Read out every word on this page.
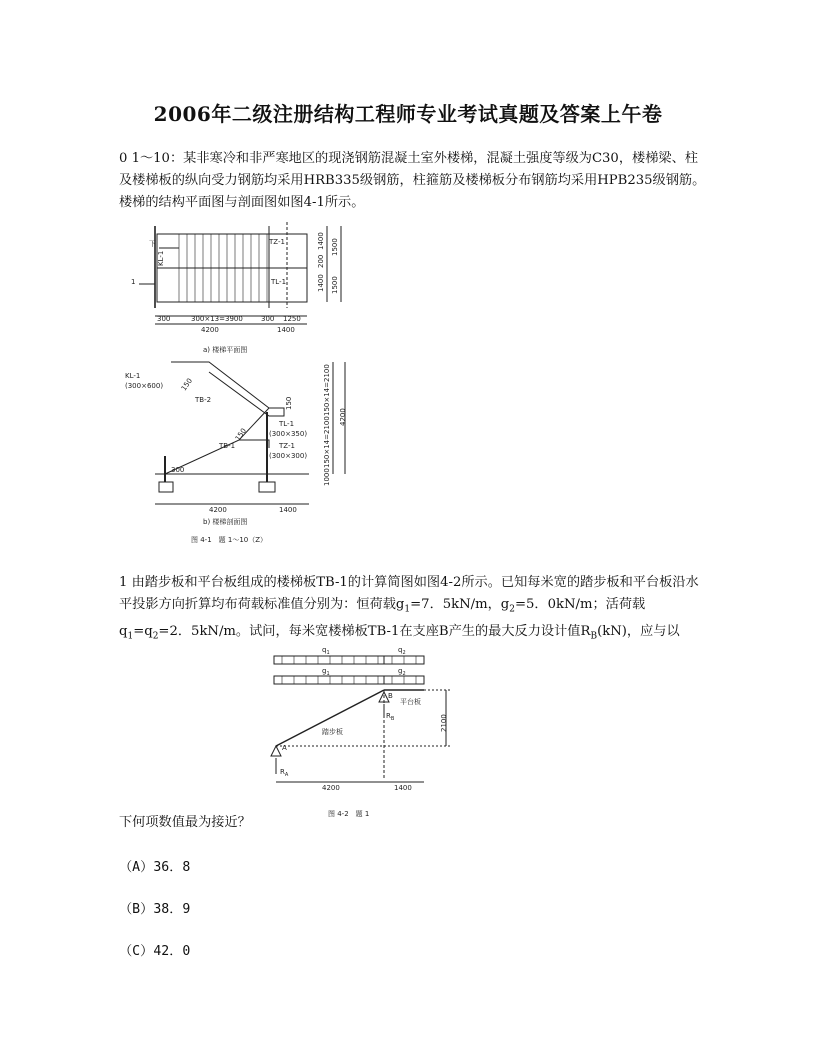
2006年二级注册结构工程师专业考试真题及答案上午卷
0 1～10：某非寒冷和非严寒地区的现浇钢筋混凝土室外楼梯，混凝土强度等级为C30，楼梯梁、柱及楼梯板的纵向受力钢筋均采用HRB335级钢筋，柱箍筋及楼梯板分布钢筋均采用HPB235级钢筋。楼梯的结构平面图与剖面图如图4-1所示。
KL-1
TZ-1
TL-1
1
下
300	300×13=3900	300 1250
4200	1400
1400
200
1400
1500
1500
a) 楼梯平面图
KL-1
(300×600)
TB-2
TB-1
TL-1
(300×350)
TZ-1
(300×300)
150
150
150
300
150×14=2100
150×14=2100
1000
4200
4200	1400
b) 楼梯剖面图
图 4-1　题 1～10（Z）
1 由踏步板和平台板组成的楼梯板TB-1的计算简图如图4-2所示。已知每米宽的踏步板和平台板沿水平投影方向折算均布荷载标准值分别为：恒荷载$g_1=7$．5kN/m，$g_2=5$．0kN/m；活荷载$q_1=q_2=2$．5kN/m。试问，每米宽楼梯板TB-1在支座B产生的最大反力设计值$R_B(kN)$，应与以
$q_1$	$q_2$
$g_1$	$g_2$
A
B
$R_A$
$R_B$
平台板
踏步板
4200	1400
2100
图 4-2　题 1
下何项数值最为接近？
（A）36．8
（B）38．9
（C）42．0
